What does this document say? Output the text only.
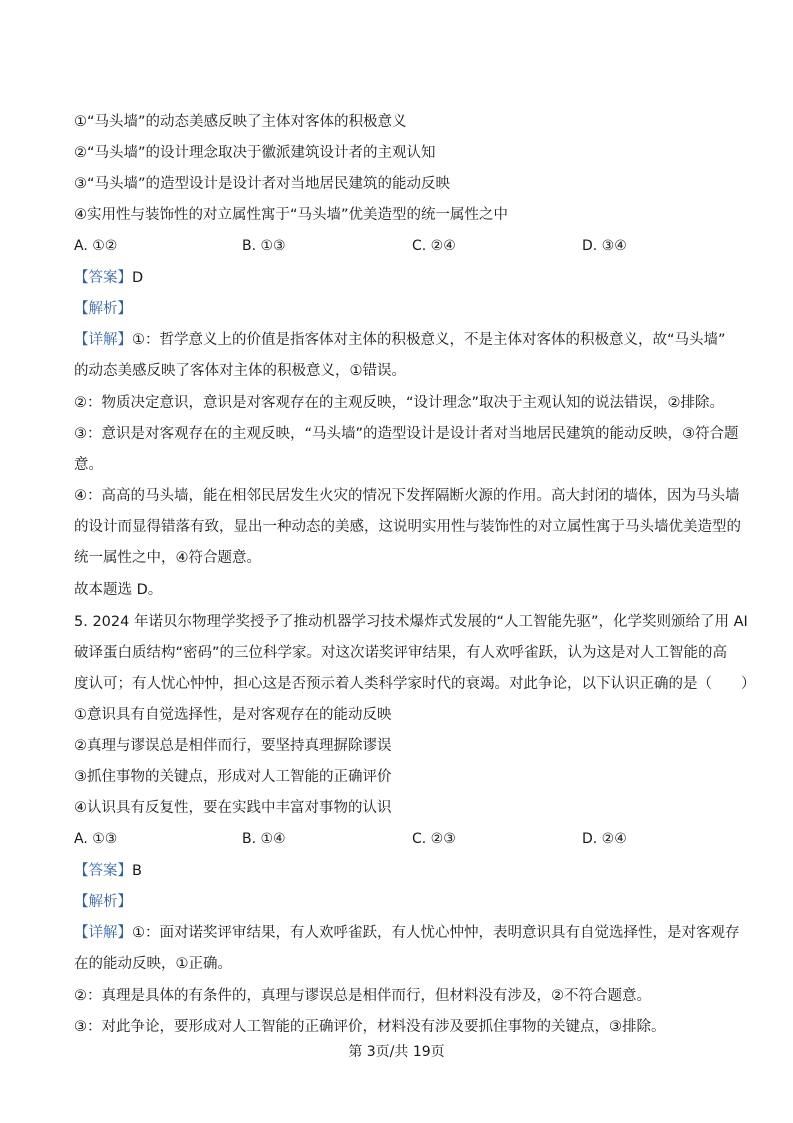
①“马头墙”的动态美感反映了主体对客体的积极意义
②“马头墙”的设计理念取决于徽派建筑设计者的主观认知
③“马头墙”的造型设计是设计者对当地居民建筑的能动反映
④实用性与装饰性的对立属性寓于“马头墙”优美造型的统一属性之中
A. ①②	B. ①③	C. ②④	D. ③④
【答案】D
【解析】
【详解】①：哲学意义上的价值是指客体对主体的积极意义，不是主体对客体的积极意义，故“马头墙”
的动态美感反映了客体对主体的积极意义，①错误。
②：物质决定意识，意识是对客观存在的主观反映，“设计理念”取决于主观认知的说法错误，②排除。
③：意识是对客观存在的主观反映，“马头墙”的造型设计是设计者对当地居民建筑的能动反映，③符合题
意。
④：高高的马头墙，能在相邻民居发生火灾的情况下发挥隔断火源的作用。高大封闭的墙体，因为马头墙
的设计而显得错落有致，显出一种动态的美感，这说明实用性与装饰性的对立属性寓于马头墙优美造型的
统一属性之中，④符合题意。
故本题选 D。
5. 2024 年诺贝尔物理学奖授予了推动机器学习技术爆炸式发展的“人工智能先驱”，化学奖则颁给了用 AI
破译蛋白质结构“密码”的三位科学家。对这次诺奖评审结果，有人欢呼雀跃，认为这是对人工智能的高
度认可；有人忧心忡忡，担心这是否预示着人类科学家时代的衰竭。对此争论，以下认识正确的是（　　）
①意识具有自觉选择性，是对客观存在的能动反映
②真理与谬误总是相伴而行，要坚持真理摒除谬误
③抓住事物的关键点，形成对人工智能的正确评价
④认识具有反复性，要在实践中丰富对事物的认识
A. ①③	B. ①④	C. ②③	D. ②④
【答案】B
【解析】
【详解】①：面对诺奖评审结果，有人欢呼雀跃，有人忧心忡忡，表明意识具有自觉选择性，是对客观存
在的能动反映，①正确。
②：真理是具体的有条件的，真理与谬误总是相伴而行，但材料没有涉及，②不符合题意。
③：对此争论，要形成对人工智能的正确评价，材料没有涉及要抓住事物的关键点，③排除。
第 3页/共 19页
